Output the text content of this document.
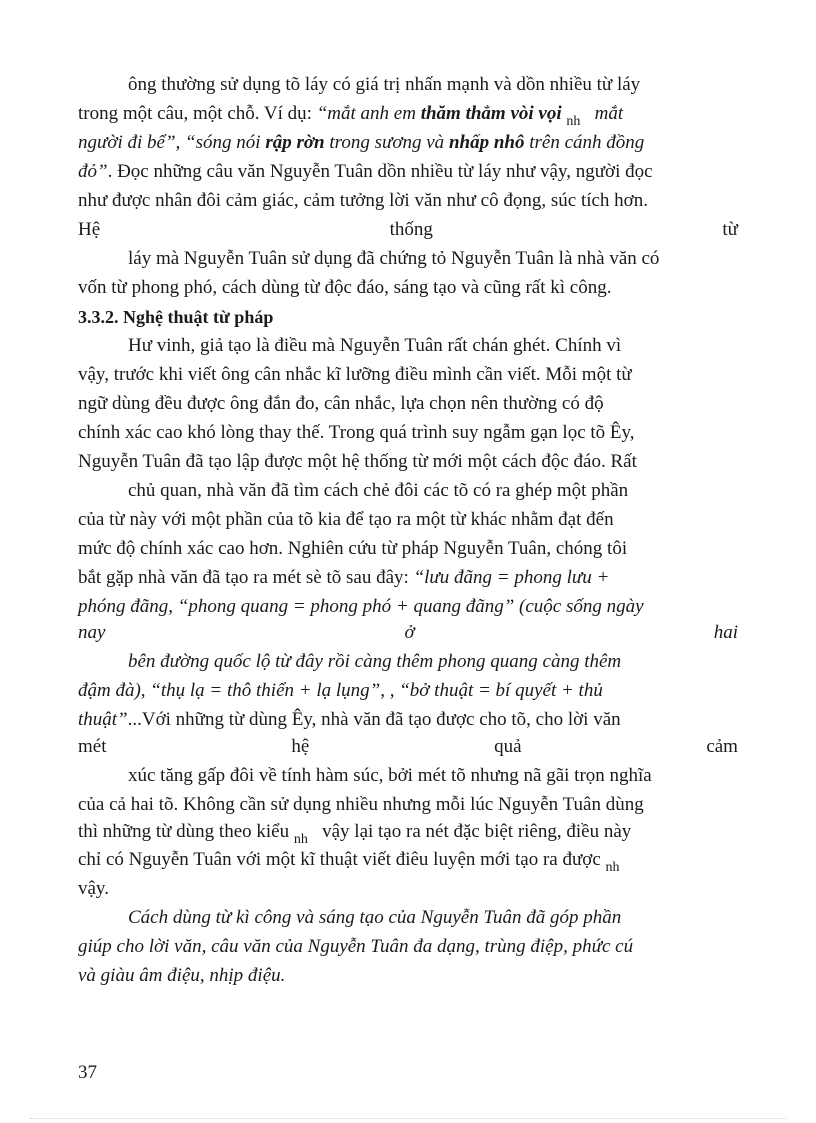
ông thường sử dụng tõ láy có giá trị nhấn mạnh và dồn nhiều từ láy
trong một câu, một chỗ. Ví dụ: “mắt anh em thăm thẳm vòi vọi $_{nh}$ mắt
người đi bể”, “sóng nói rập rờn trong sương và nhấp nhô trên cánh đồng
đỏ”. Đọc những câu văn Nguyễn Tuân dồn nhiều từ láy như vậy, người đọc
như được nhân đôi cảm giác, cảm tưởng lời văn như cô đọng, súc tích hơn.
Hệ	thống	từ
láy mà Nguyễn Tuân sử dụng đã chứng tỏ Nguyễn Tuân là nhà văn có
vốn từ phong phó, cách dùng từ độc đáo, sáng tạo và cũng rất kì công.
3.3.2. Nghệ thuật từ pháp
Hư vinh, giả tạo là điều mà Nguyễn Tuân rất chán ghét. Chính vì
vậy, trước khi viết ông cân nhắc kĩ lưỡng điều mình cần viết. Mỗi một từ
ngữ dùng đều được ông đắn đo, cân nhắc, lựa chọn nên thường có độ
chính xác cao khó lòng thay thế. Trong quá trình suy ngẫm gạn lọc tõ Êy,
Nguyễn Tuân đã tạo lập được một hệ thống từ mới một cách độc đáo. Rất
chủ quan, nhà văn đã tìm cách chẻ đôi các tõ có ra ghép một phần
của từ này với một phần của tõ kia để tạo ra một từ khác nhằm đạt đến
mức độ chính xác cao hơn. Nghiên cứu từ pháp Nguyễn Tuân, chóng tôi
bắt gặp nhà văn đã tạo ra mét sè tõ sau đây: “lưu đãng = phong lưu +
phóng đãng, “phong quang = phong phó + quang đãng” (cuộc sống ngày
nay	ở	hai
bên đường quốc lộ từ đây rồi càng thêm phong quang càng thêm
đậm đà), “thụ lạ = thô thiển + lạ lụng”, , “bở thuật = bí quyết + thủ
thuật”...Với những từ dùng Êy, nhà văn đã tạo được cho tõ, cho lời văn
mét	hệ	quả	cảm
xúc tăng gấp đôi về tính hàm súc, bởi mét tõ nhưng nã gãi trọn nghĩa
của cả hai tõ. Không cần sử dụng nhiều nhưng mỗi lúc Nguyễn Tuân dùng
thì những từ dùng theo kiểu $_{nh}$ vậy lại tạo ra nét đặc biệt riêng, điều này
chỉ có Nguyễn Tuân với một kĩ thuật viết điêu luyện mới tạo ra được $_{nh}$
vậy.
Cách dùng từ kì công và sáng tạo của Nguyễn Tuân đã góp phần
giúp cho lời văn, câu văn của Nguyễn Tuân đa dạng, trùng điệp, phức cú
và giàu âm điệu, nhịp điệu.
37
